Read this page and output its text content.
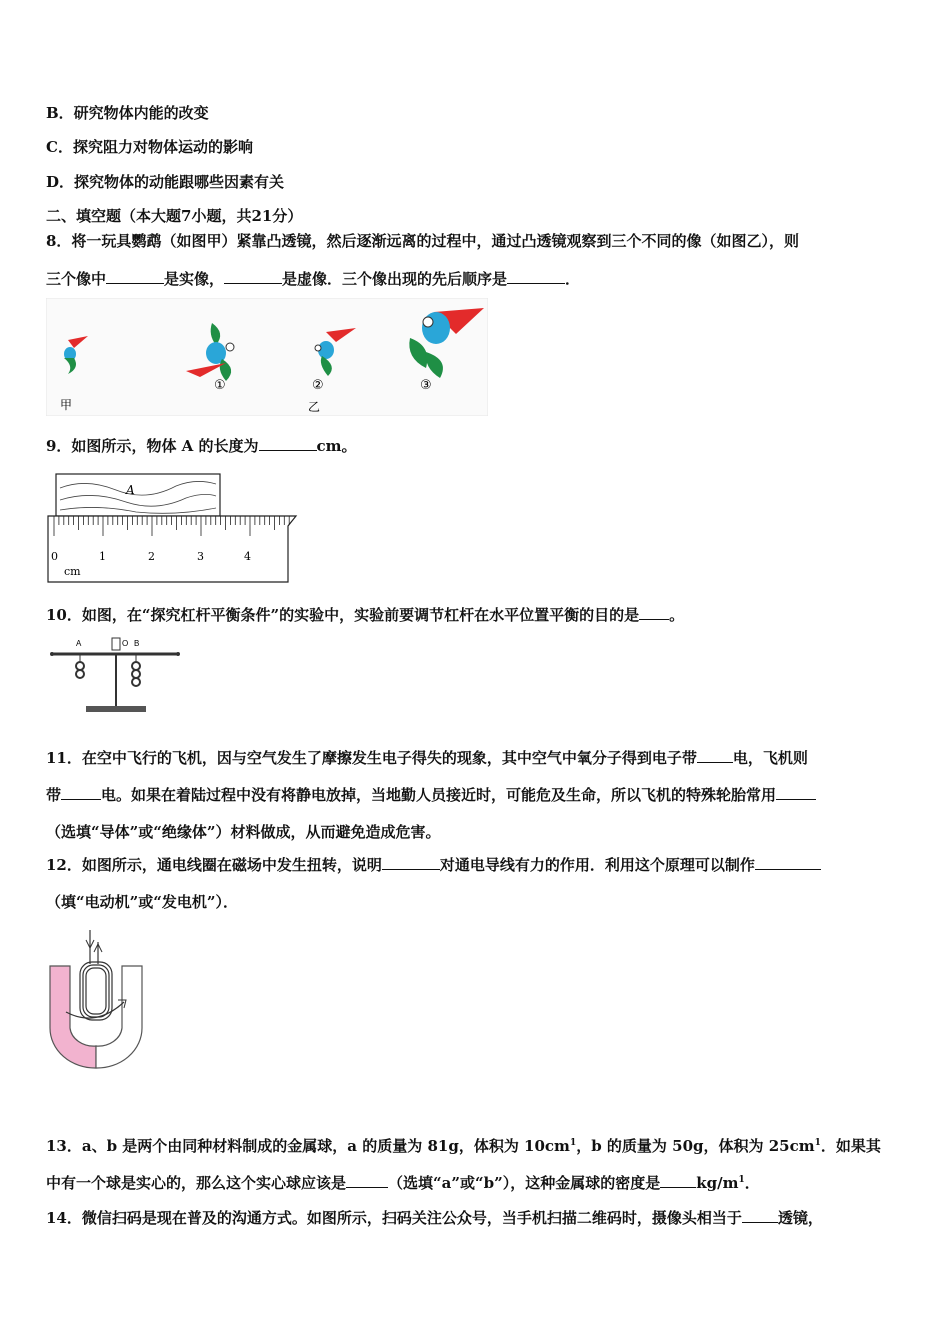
B．研究物体内能的改变
C．探究阻力对物体运动的影响
D．探究物体的动能跟哪些因素有关
二、填空题（本大题7小题，共21分）
8．将一玩具鹦鹉（如图甲）紧靠凸透镜，然后逐渐远离的过程中，通过凸透镜观察到三个不同的像（如图乙），则
三个像中	是实像，	是虚像．三个像出现的先后顺序是	．
甲
①	②	③
乙
9．如图所示，物体 A 的长度为	cm。
A
0	1	2	3	4
cm
10．如图，在“探究杠杆平衡条件”的实验中，实验前要调节杠杆在水平位置平衡的目的是 。
A	O B
11．在空中飞行的飞机，因与空气发生了摩擦发生电子得失的现象，其中空气中氧分子得到电子带 电，飞机则
带	电。如果在着陆过程中没有将静电放掉，当地勤人员接近时，可能危及生命，所以飞机的特殊轮胎常用
（选填“导体”或“绝缘体”）材料做成，从而避免造成危害。
12．如图所示，通电线圈在磁场中发生扭转，说明	对通电导线有力的作用．利用这个原理可以制作
（填“电动机”或“发电机”）．
13．a、b 是两个由同种材料制成的金属球，a 的质量为 81g，体积为 $10cm^1$，b 的质量为 50g，体积为 $25cm^1$．如果其
中有一个球是实心的，那么这个实心球应该是	（选填“a”或“b”），这种金属球的密度是 $kg/m^1$．
14．微信扫码是现在普及的沟通方式。如图所示，扫码关注公众号，当手机扫描二维码时，摄像头相当于 透镜，
